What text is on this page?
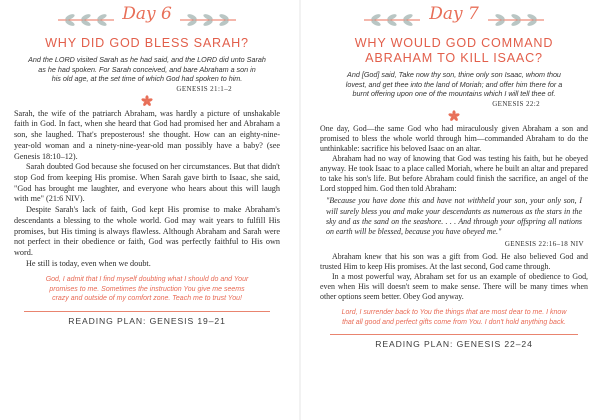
Day 6
WHY DID GOD BLESS SARAH?
And the LORD visited Sarah as he had said, and the LORD did unto Sarah
as he had spoken. For Sarah conceived, and bare Abraham a son in
his old age, at the set time of which God had spoken to him.
GENESIS 21:1–2

Sarah, the wife of the patriarch Abraham, was hardly a picture of unshakable faith in God. In fact, when she heard that God had promised her and Abraham a son, she laughed. That's preposterous! she thought. How can an eighty-nine-year-old woman and a ninety-nine-year-old man possibly have a baby? (see Genesis 18:10–12).

Sarah doubted God because she focused on her circumstances. But that didn't stop God from keeping His promise. When Sarah gave birth to Isaac, she said, "God has brought me laughter, and everyone who hears about this will laugh with me" (21:6 NIV).

Despite Sarah's lack of faith, God kept His promise to make Abraham's descendants a blessing to the whole world. God may wait years to fulfill His promises, but His timing is always flawless. Although Abraham and Sarah were not perfect in their obedience or faith, God was perfectly faithful to His own word.

He still is today, even when we doubt.

God, I admit that I find myself doubting what I should do and Your
promises to me. Sometimes the instruction You give me seems
crazy and outside of my comfort zone. Teach me to trust You!
READING PLAN: GENESIS 19–21
Day 7
WHY WOULD GOD COMMAND ABRAHAM TO KILL ISAAC?
And [God] said, Take now thy son, thine only son Isaac, whom thou
lovest, and get thee into the land of Moriah; and offer him there for a
burnt offering upon one of the mountains which I will tell thee of.
GENESIS 22:2

One day, God—the same God who had miraculously given Abraham a son and promised to bless the whole world through him—commanded Abraham to do the unthinkable: sacrifice his beloved Isaac on an altar.

Abraham had no way of knowing that God was testing his faith, but he obeyed anyway. He took Isaac to a place called Moriah, where he built an altar and prepared to take his son's life. But before Abraham could finish the sacrifice, an angel of the Lord stopped him. God then told Abraham:

"Because you have done this and have not withheld your son, your only son, I will surely bless you and make your descendants as numerous as the stars in the sky and as the sand on the seashore. . . . And through your offspring all nations on earth will be blessed, because you have obeyed me."

GENESIS 22:16–18 NIV

Abraham knew that his son was a gift from God. He also believed God and trusted Him to keep His promises. At the last second, God came through.

In a most powerful way, Abraham set for us an example of obedience to God, even when His will doesn't seem to make sense. There will be many times when other options seem better. Obey God anyway.

Lord, I surrender back to You the things that are most dear to me. I know
that all good and perfect gifts come from You. I don't hold anything back.
READING PLAN: GENESIS 22–24
